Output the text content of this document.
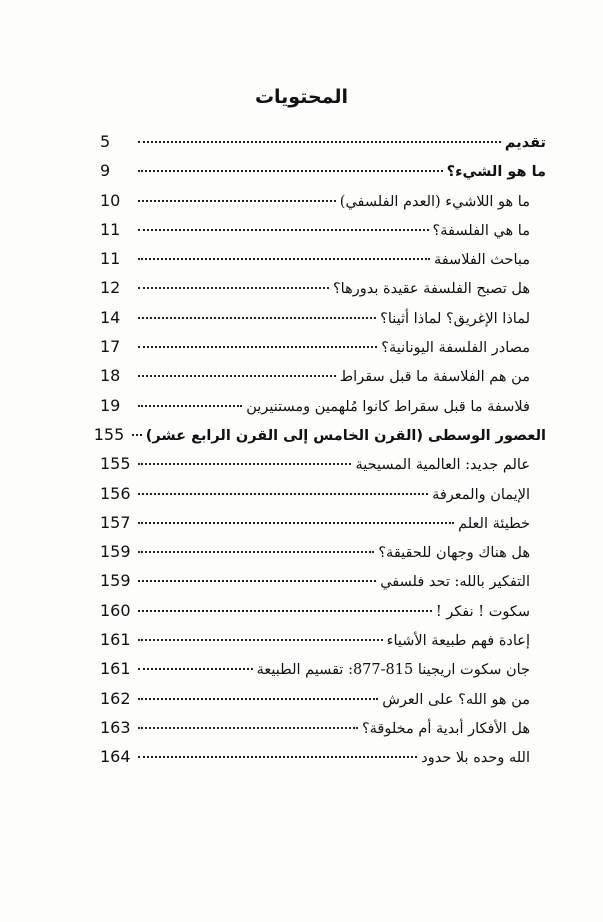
المحتويات
تقديم
5
ما هو الشيء؟
9
ما هو اللاشيء (العدم الفلسفي)
10
ما هي الفلسفة؟
11
مباحث الفلاسفة
11
هل تصبح الفلسفة عقيدة بدورها؟
12
لماذا الإغريق؟ لماذا أثينا؟
14
مصادر الفلسفة اليونانية؟
17
من هم الفلاسفة ما قبل سقراط
18
فلاسفة ما قبل سقراط كانوا مُلهمين ومستنيرين
19
العصور الوسطى (القرن الخامس إلى القرن الرابع عشر)
155
عالم جديد: العالمية المسيحية
155
الإيمان والمعرفة
156
خطيئة العلم
157
هل هناك وجهان للحقيقة؟
159
التفكير بالله: تحد فلسفي
159
سكوت ! نفكر !
160
إعادة فهم طبيعة الأشياء
161
جان سكوت اريجينا 815-877: تقسيم الطبيعة
161
من هو الله؟ على العرش
162
هل الأفكار أبدية أم مخلوقة؟
163
الله وحده بلا حدود
164
